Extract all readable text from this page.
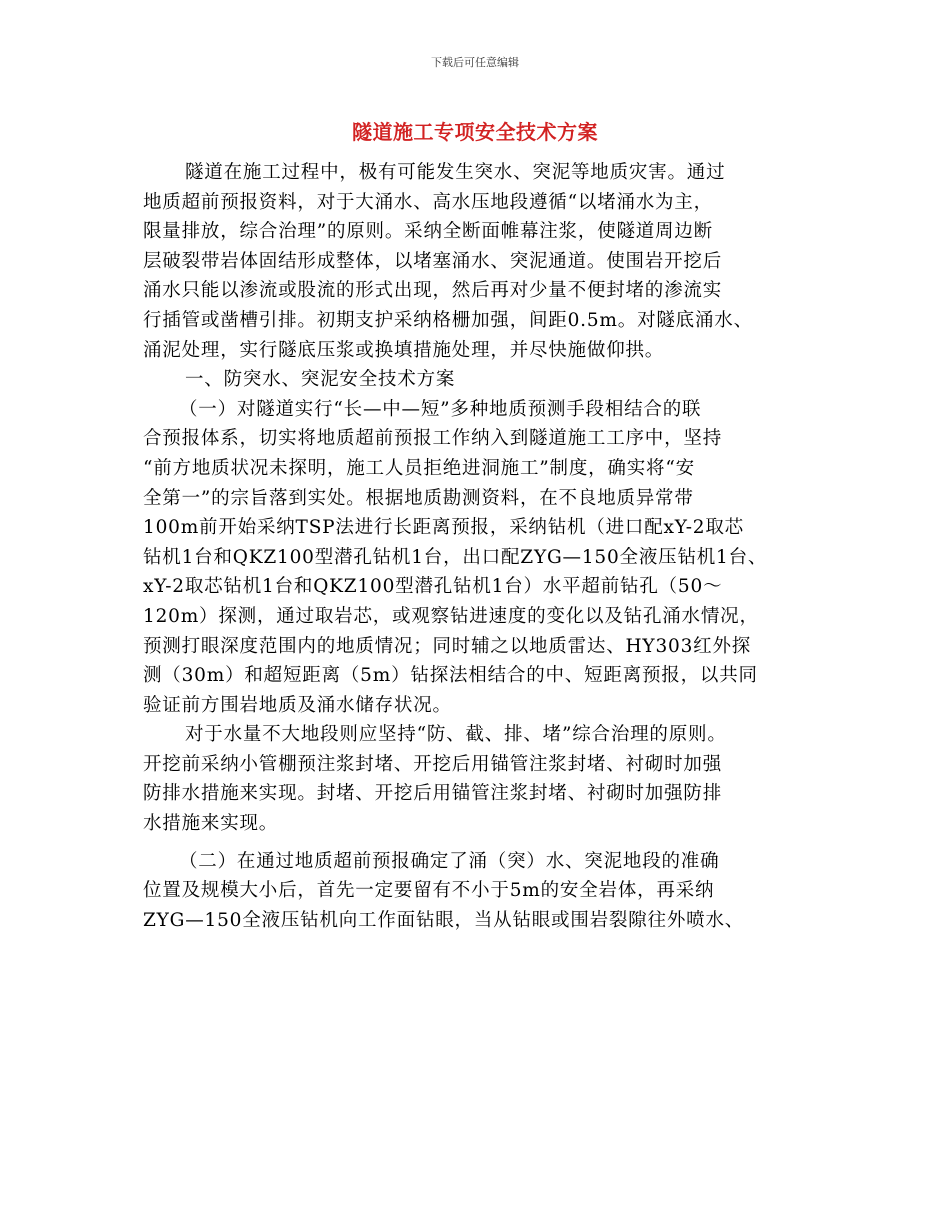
下载后可任意编辑
隧道施工专项安全技术方案
隧道在施工过程中，极有可能发生突水、突泥等地质灾害。通过
地质超前预报资料，对于大涌水、高水压地段遵循“以堵涌水为主，
限量排放，综合治理”的原则。采纳全断面帷幕注浆，使隧道周边断
层破裂带岩体固结形成整体，以堵塞涌水、突泥通道。使围岩开挖后
涌水只能以渗流或股流的形式出现，然后再对少量不便封堵的渗流实
行插管或凿槽引排。初期支护采纳格栅加强，间距0.5m。对隧底涌水、
涌泥处理，实行隧底压浆或换填措施处理，并尽快施做仰拱。
一、防突水、突泥安全技术方案
（一）对隧道实行“长—中—短”多种地质预测手段相结合的联
合预报体系，切实将地质超前预报工作纳入到隧道施工工序中，坚持
“前方地质状况未探明，施工人员拒绝进洞施工”制度，确实将“安
全第一”的宗旨落到实处。根据地质勘测资料，在不良地质异常带
100m前开始采纳TSP法进行长距离预报，采纳钻机（进口配xY-2取芯
钻机1台和QKZ100型潜孔钻机1台，出口配ZYG—150全液压钻机1台、
xY-2取芯钻机1台和QKZ100型潜孔钻机1台）水平超前钻孔（50～
120m）探测，通过取岩芯，或观察钻进速度的变化以及钻孔涌水情况，
预测打眼深度范围内的地质情况；同时辅之以地质雷达、HY303红外探
测（30m）和超短距离（5m）钻探法相结合的中、短距离预报，以共同
验证前方围岩地质及涌水储存状况。
对于水量不大地段则应坚持“防、截、排、堵”综合治理的原则。
开挖前采纳小管棚预注浆封堵、开挖后用锚管注浆封堵、衬砌时加强
防排水措施来实现。封堵、开挖后用锚管注浆封堵、衬砌时加强防排
水措施来实现。
（二）在通过地质超前预报确定了涌（突）水、突泥地段的准确
位置及规模大小后，首先一定要留有不小于5m的安全岩体，再采纳
ZYG—150全液压钻机向工作面钻眼，当从钻眼或围岩裂隙往外喷水、
